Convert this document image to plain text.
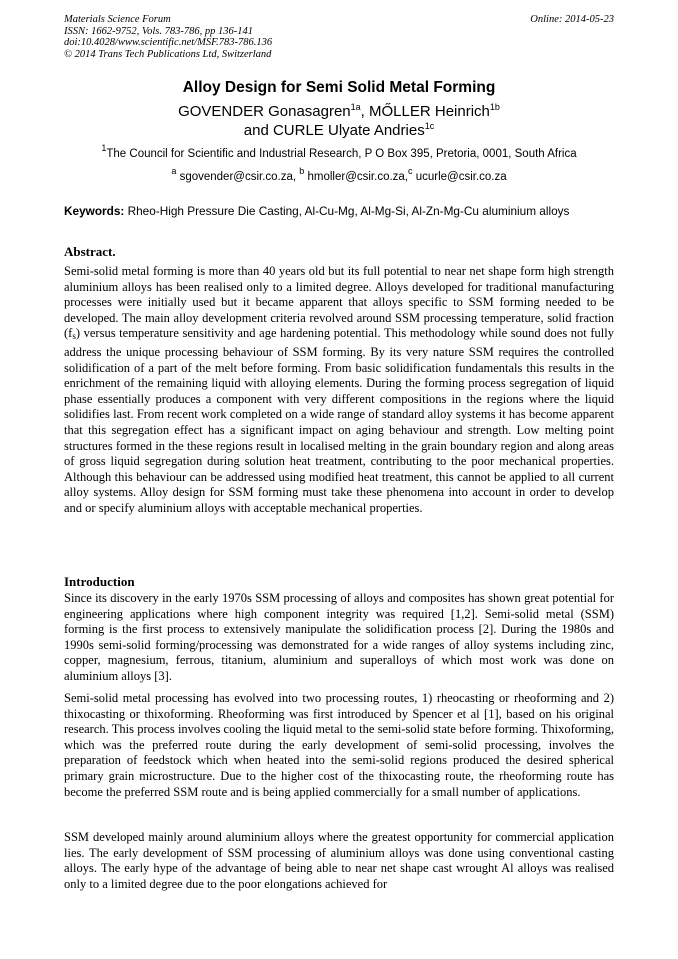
Materials Science Forum
ISSN: 1662-9752, Vols. 783-786, pp 136-141
doi:10.4028/www.scientific.net/MSF.783-786.136
© 2014 Trans Tech Publications Ltd, Switzerland
Online: 2014-05-23
Alloy Design for Semi Solid Metal Forming
GOVENDER Gonasagren$^{1a}$, MŐLLER Heinrich$^{1b}$
and CURLE Ulyate Andries$^{1c}$
$^1$The Council for Scientific and Industrial Research, P O Box 395, Pretoria, 0001, South Africa
$^a$ sgovender@csir.co.za, $^b$ hmoller@csir.co.za,$^c$ ucurle@csir.co.za
Keywords: Rheo-High Pressure Die Casting, Al-Cu-Mg, Al-Mg-Si, Al-Zn-Mg-Cu aluminium alloys
Abstract.
Semi-solid metal forming is more than 40 years old but its full potential to near net shape form high strength aluminium alloys has been realised only to a limited degree. Alloys developed for traditional manufacturing processes were initially used but it became apparent that alloys specific to SSM forming needed to be developed. The main alloy development criteria revolved around SSM processing temperature, solid fraction (fs) versus temperature sensitivity and age hardening potential. This methodology while sound does not fully address the unique processing behaviour of SSM forming. By its very nature SSM requires the controlled solidification of a part of the melt before forming. From basic solidification fundamentals this results in the enrichment of the remaining liquid with alloying elements. During the forming process segregation of liquid phase essentially produces a component with very different compositions in the regions where the liquid solidifies last. From recent work completed on a wide range of standard alloy systems it has become apparent that this segregation effect has a significant impact on aging behaviour and strength. Low melting point structures formed in the these regions result in localised melting in the grain boundary region and along areas of gross liquid segregation during solution heat treatment, contributing to the poor mechanical properties. Although this behaviour can be addressed using modified heat treatment, this cannot be applied to all current alloy systems. Alloy design for SSM forming must take these phenomena into account in order to develop and or specify aluminium alloys with acceptable mechanical properties.
Introduction
Since its discovery in the early 1970s SSM processing of alloys and composites has shown great potential for engineering applications where high component integrity was required [1,2]. Semi-solid metal (SSM) forming is the first process to extensively manipulate the solidification process [2]. During the 1980s and 1990s semi-solid forming/processing was demonstrated for a wide ranges of alloy systems including zinc, copper, magnesium, ferrous, titanium, aluminium and superalloys of which most work was done on aluminium alloys [3].
Semi-solid metal processing has evolved into two processing routes, 1) rheocasting or rheoforming and 2) thixocasting or thixoforming. Rheoforming was first introduced by Spencer et al [1], based on his original research. This process involves cooling the liquid metal to the semi-solid state before forming. Thixoforming, which was the preferred route during the early development of semi-solid processing, involves the preparation of feedstock which when heated into the semi-solid regions produced the desired spherical primary grain microstructure. Due to the higher cost of the thixocasting route, the rheoforming route has become the preferred SSM route and is being applied commercially for a small number of applications.
SSM developed mainly around aluminium alloys where the greatest opportunity for commercial application lies. The early development of SSM processing of aluminium alloys was done using conventional casting alloys. The early hype of the advantage of being able to near net shape cast wrought Al alloys was realised only to a limited degree due to the poor elongations achieved for
